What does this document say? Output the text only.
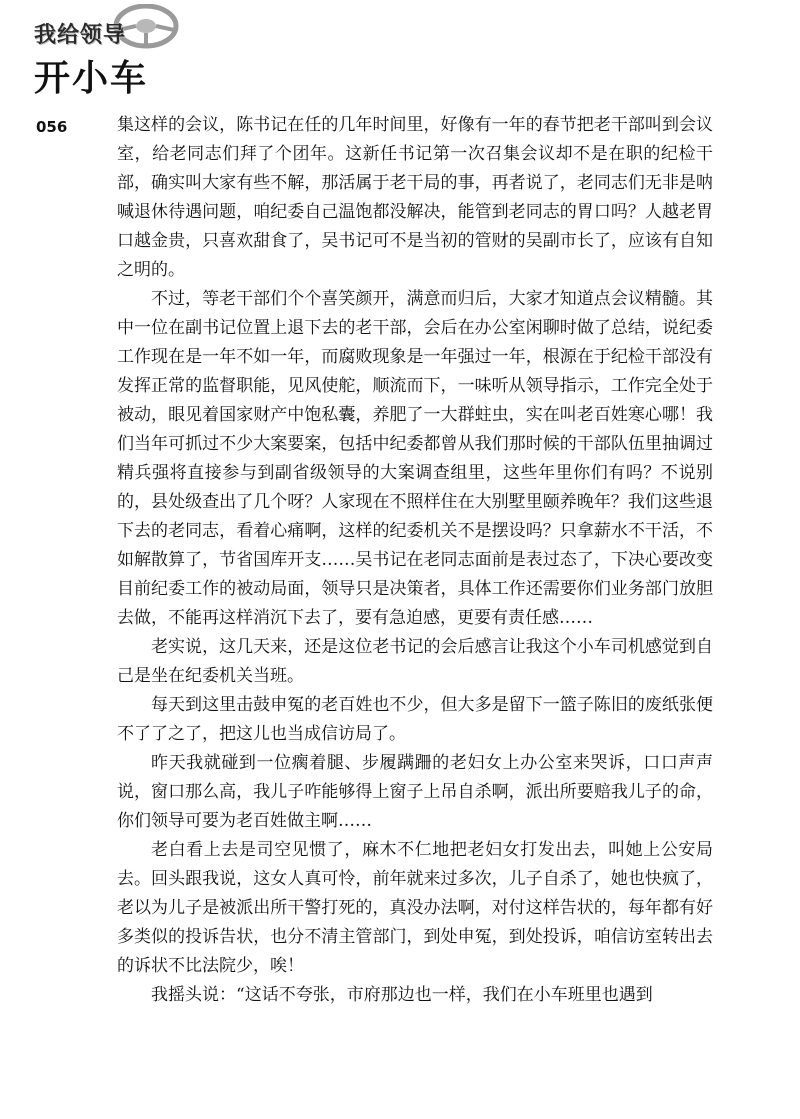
我给领导
开小车
056	集这样的会议，陈书记在任的几年时间里，好像有一年的春节把老干部叫到会议室，给老同志们拜了个团年。这新任书记第一次召集会议却不是在职的纪检干部，确实叫大家有些不解，那活属于老干局的事，再者说了，老同志们无非是呐喊退休待遇问题，咱纪委自己温饱都没解决，能管到老同志的胃口吗？人越老胃口越金贵，只喜欢甜食了，吴书记可不是当初的管财的吴副市长了，应该有自知之明的。

不过，等老干部们个个喜笑颜开，满意而归后，大家才知道点会议精髓。其中一位在副书记位置上退下去的老干部，会后在办公室闲聊时做了总结，说纪委工作现在是一年不如一年，而腐败现象是一年强过一年，根源在于纪检干部没有发挥正常的监督职能，见风使舵，顺流而下，一味听从领导指示，工作完全处于被动，眼见着国家财产中饱私囊，养肥了一大群蛀虫，实在叫老百姓寒心哪！我们当年可抓过不少大案要案，包括中纪委都曾从我们那时候的干部队伍里抽调过精兵强将直接参与到副省级领导的大案调查组里，这些年里你们有吗？不说别的，县处级查出了几个呀？人家现在不照样住在大别墅里颐养晚年？我们这些退下去的老同志，看着心痛啊，这样的纪委机关不是摆设吗？只拿薪水不干活，不如解散算了，节省国库开支……吴书记在老同志面前是表过态了，下决心要改变目前纪委工作的被动局面，领导只是决策者，具体工作还需要你们业务部门放胆去做，不能再这样消沉下去了，要有急迫感，更要有责任感……

老实说，这几天来，还是这位老书记的会后感言让我这个小车司机感觉到自己是坐在纪委机关当班。

每天到这里击鼓申冤的老百姓也不少，但大多是留下一篮子陈旧的废纸张便不了了之了，把这儿也当成信访局了。

昨天我就碰到一位瘸着腿、步履蹒跚的老妇女上办公室来哭诉，口口声声说，窗口那么高，我儿子咋能够得上窗子上吊自杀啊，派出所要赔我儿子的命，你们领导可要为老百姓做主啊……

老白看上去是司空见惯了，麻木不仁地把老妇女打发出去，叫她上公安局去。回头跟我说，这女人真可怜，前年就来过多次，儿子自杀了，她也快疯了，老以为儿子是被派出所干警打死的，真没办法啊，对付这样告状的，每年都有好多类似的投诉告状，也分不清主管部门，到处申冤，到处投诉，咱信访室转出去的诉状不比法院少，唉！

我摇头说：“这话不夸张，市府那边也一样，我们在小车班里也遇到
